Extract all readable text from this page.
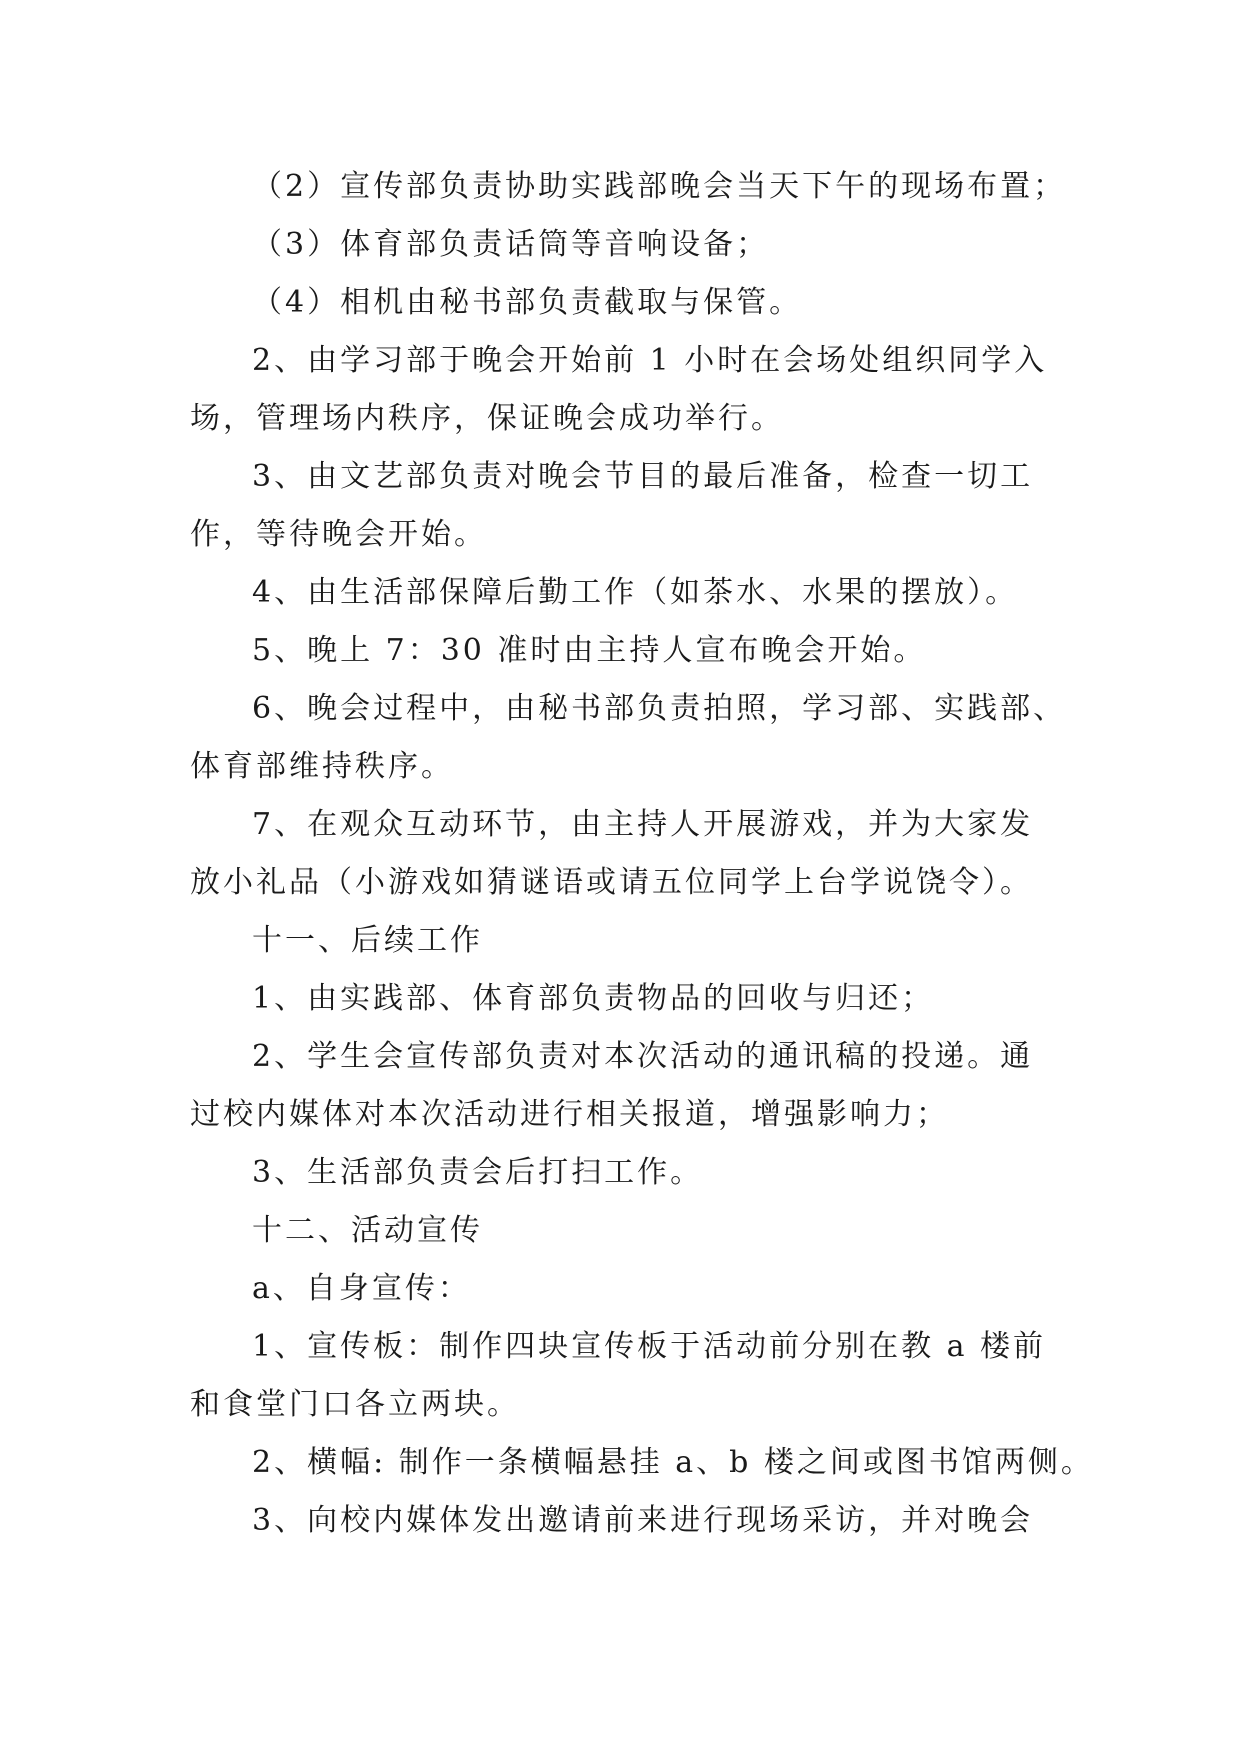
（2）宣传部负责协助实践部晚会当天下午的现场布置；
（3）体育部负责话筒等音响设备；
（4）相机由秘书部负责截取与保管。
2、由学习部于晚会开始前 1 小时在会场处组织同学入
场，管理场内秩序，保证晚会成功举行。
3、由文艺部负责对晚会节目的最后准备，检查一切工
作，等待晚会开始。
4、由生活部保障后勤工作（如茶水、水果的摆放）。
5、晚上 7：30 准时由主持人宣布晚会开始。
6、晚会过程中，由秘书部负责拍照，学习部、实践部、
体育部维持秩序。
7、在观众互动环节，由主持人开展游戏，并为大家发
放小礼品（小游戏如猜谜语或请五位同学上台学说饶令）。
十一、后续工作
1、由实践部、体育部负责物品的回收与归还；
2、学生会宣传部负责对本次活动的通讯稿的投递。通
过校内媒体对本次活动进行相关报道，增强影响力；
3、生活部负责会后打扫工作。
十二、活动宣传
a、自身宣传：
1、宣传板：制作四块宣传板于活动前分别在教 a 楼前
和食堂门口各立两块。
2、横幅: 制作一条横幅悬挂 a、b 楼之间或图书馆两侧。
3、向校内媒体发出邀请前来进行现场采访，并对晚会
